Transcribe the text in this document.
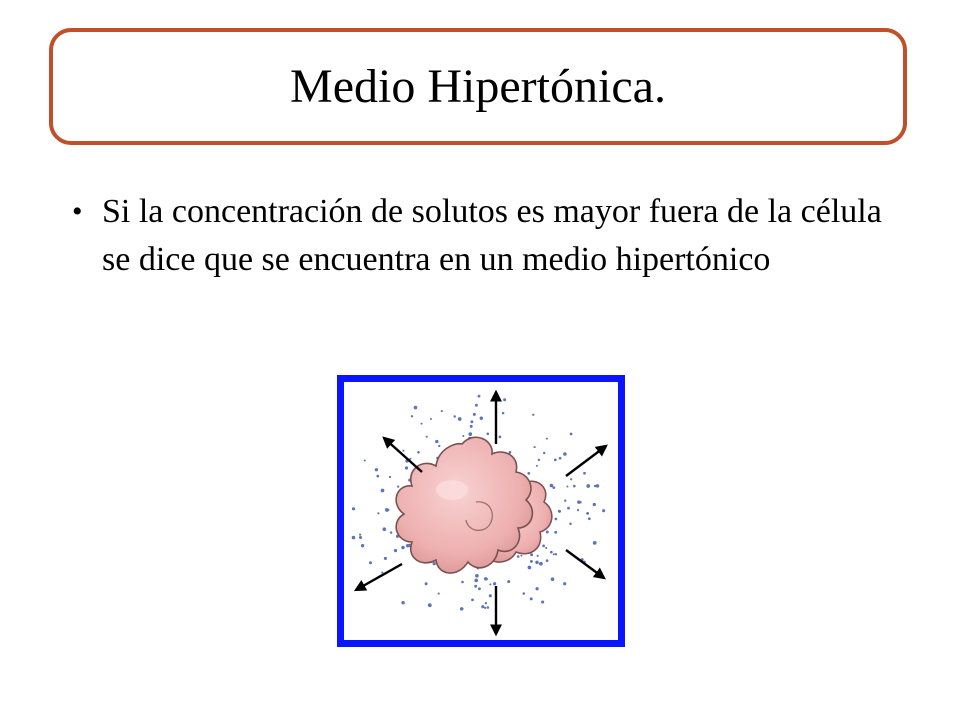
Medio Hipertónica.
• Si la concentración de solutos es mayor fuera de la célula se dice que se encuentra en un medio hipertónico
